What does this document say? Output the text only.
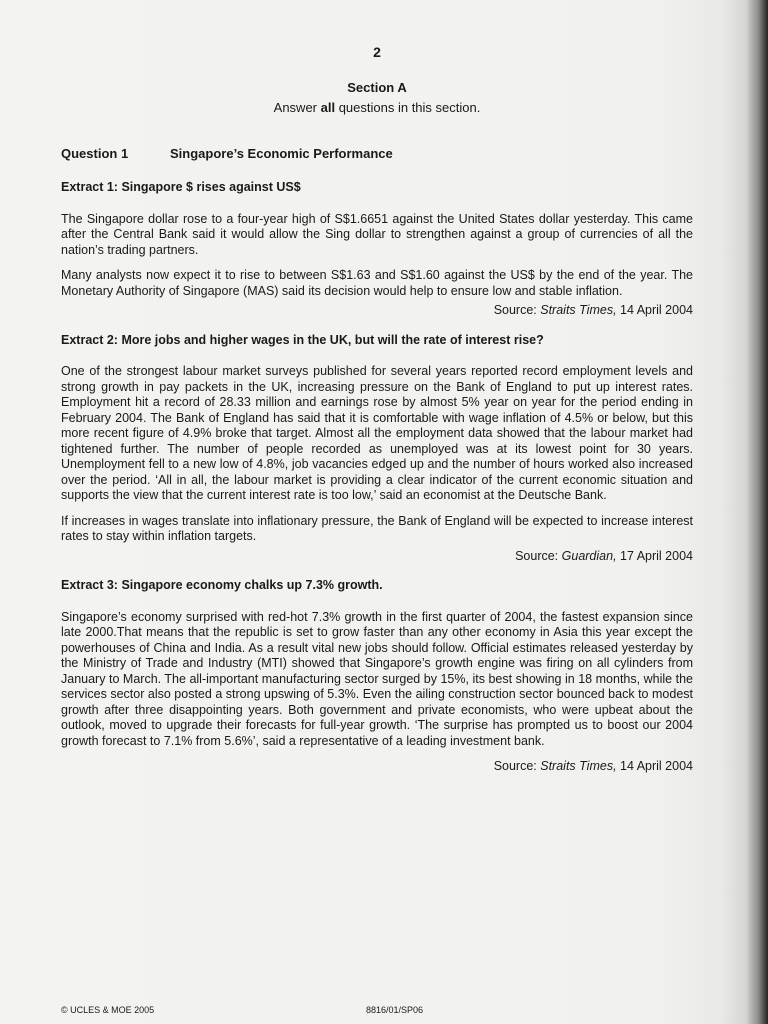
2
Section A
Answer all questions in this section.
Question 1	Singapore’s Economic Performance
Extract 1: Singapore $ rises against US$

The Singapore dollar rose to a four-year high of S$1.6651 against the United States dollar yesterday. This came after the Central Bank said it would allow the Sing dollar to strengthen against a group of currencies of all the nation’s trading partners.

Many analysts now expect it to rise to between S$1.63 and S$1.60 against the US$ by the end of the year. The Monetary Authority of Singapore (MAS) said its decision would help to ensure low and stable inflation.

Source: Straits Times, 14 April 2004
Extract 2: More jobs and higher wages in the UK, but will the rate of interest rise?

One of the strongest labour market surveys published for several years reported record employment levels and strong growth in pay packets in the UK, increasing pressure on the Bank of England to put up interest rates. Employment hit a record of 28.33 million and earnings rose by almost 5% year on year for the period ending in February 2004. The Bank of England has said that it is comfortable with wage inflation of 4.5% or below, but this more recent figure of 4.9% broke that target. Almost all the employment data showed that the labour market had tightened further. The number of people recorded as unemployed was at its lowest point for 30 years. Unemployment fell to a new low of 4.8%, job vacancies edged up and the number of hours worked also increased over the period. ‘All in all, the labour market is providing a clear indicator of the current economic situation and supports the view that the current interest rate is too low,’ said an economist at the Deutsche Bank.

If increases in wages translate into inflationary pressure, the Bank of England will be expected to increase interest rates to stay within inflation targets.

Source: Guardian, 17 April 2004
Extract 3: Singapore economy chalks up 7.3% growth.

Singapore’s economy surprised with red-hot 7.3% growth in the first quarter of 2004, the fastest expansion since late 2000.That means that the republic is set to grow faster than any other economy in Asia this year except the powerhouses of China and India. As a result vital new jobs should follow. Official estimates released yesterday by the Ministry of Trade and Industry (MTI) showed that Singapore’s growth engine was firing on all cylinders from January to March. The all-important manufacturing sector surged by 15%, its best showing in 18 months, while the services sector also posted a strong upswing of 5.3%. Even the ailing construction sector bounced back to modest growth after three disappointing years. Both government and private economists, who were upbeat about the outlook, moved to upgrade their forecasts for full-year growth. ‘The surprise has prompted us to boost our 2004 growth forecast to 7.1% from 5.6%’, said a representative of a leading investment bank.

Source: Straits Times, 14 April 2004
© UCLES & MOE 2005	8816/01/SP06
